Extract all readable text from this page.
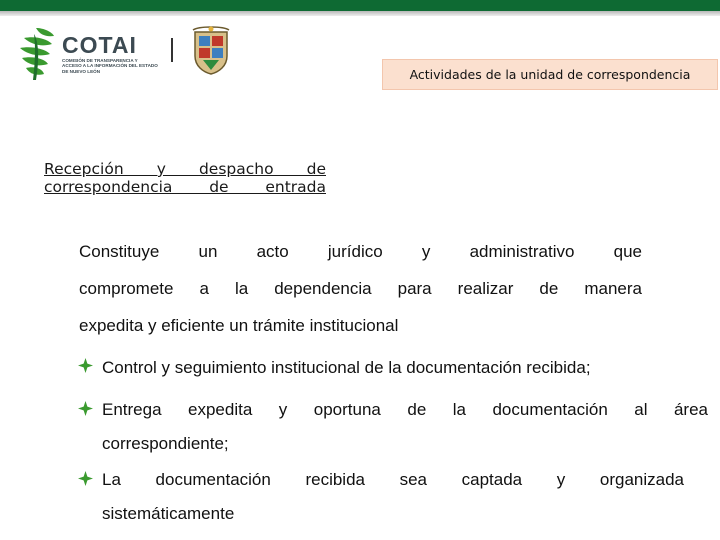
COTAI
COMISIÓN DE TRANSPARENCIA Y ACCESO A LA INFORMACIÓN DEL ESTADO DE NUEVO LEÓN	Actividades de la unidad de correspondencia
Recepción y despacho de
correspondencia de entrada
Constituye un acto jurídico y administrativo que
compromete a la dependencia para realizar de manera
expedita y eficiente un trámite institucional
Control y seguimiento institucional de la documentación recibida;
Entrega expedita y oportuna de la documentación al área
correspondiente;
La documentación recibida sea captada y organizada
sistemáticamente
